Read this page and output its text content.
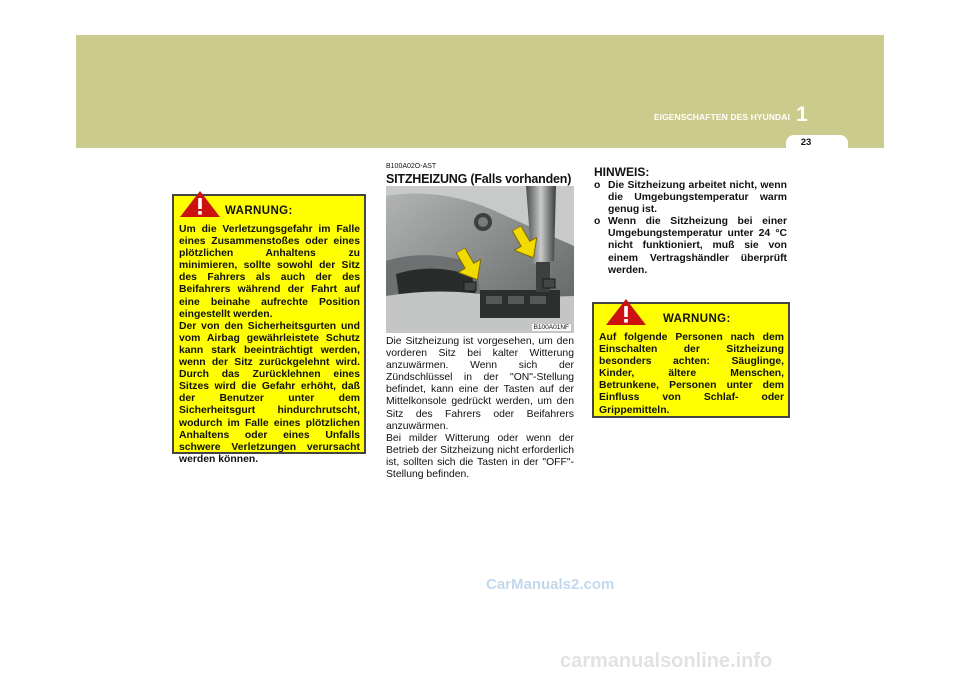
EIGENSCHAFTEN DES HYUNDAI 1
23
WARNUNG:

Um die Verletzungsgefahr im Falle eines Zusammenstoßes oder eines plötzlichen Anhaltens zu minimieren, sollte sowohl der Sitz des Fahrers als auch der des Beifahrers während der Fahrt auf eine beinahe aufrechte Position eingestellt werden.

Der von den Sicherheitsgurten und vom Airbag gewährleistete Schutz kann stark beeinträchtigt werden, wenn der Sitz zurückgelehnt wird. Durch das Zurücklehnen eines Sitzes wird die Gefahr erhöht, daß der Benutzer unter dem Sicherheitsgurt hindurchrutscht, wodurch im Falle eines plötzlichen Anhaltens oder eines Unfalls schwere Verletzungen verursacht werden können.

B100A02O-AST
SITZHEIZUNG (Falls vorhanden)
B100A01NF

Die Sitzheizung ist vorgesehen, um den vorderen Sitz bei kalter Witterung anzuwärmen. Wenn sich der Zündschlüssel in der "ON"-Stellung befindet, kann eine der Tasten auf der Mittelkonsole gedrückt werden, um den Sitz des Fahrers oder Beifahrers anzuwärmen.

Bei milder Witterung oder wenn der Betrieb der Sitzheizung nicht erforderlich ist, sollten sich die Tasten in der "OFF"-Stellung befinden.

HINWEIS:
o Die Sitzheizung arbeitet nicht, wenn die Umgebungstemperatur warm genug ist.
o Wenn die Sitzheizung bei einer Umgebungstemperatur unter 24 °C nicht funktioniert, muß sie von einem Vertragshändler überprüft werden.
WARNUNG:

Auf folgende Personen nach dem Einschalten der Sitzheizung besonders achten: Säuglinge, Kinder, ältere Menschen, Betrunkene, Personen unter dem Einfluss von Schlaf- oder Grippemitteln.

CarManuals2.com
carmanualsonline.info
